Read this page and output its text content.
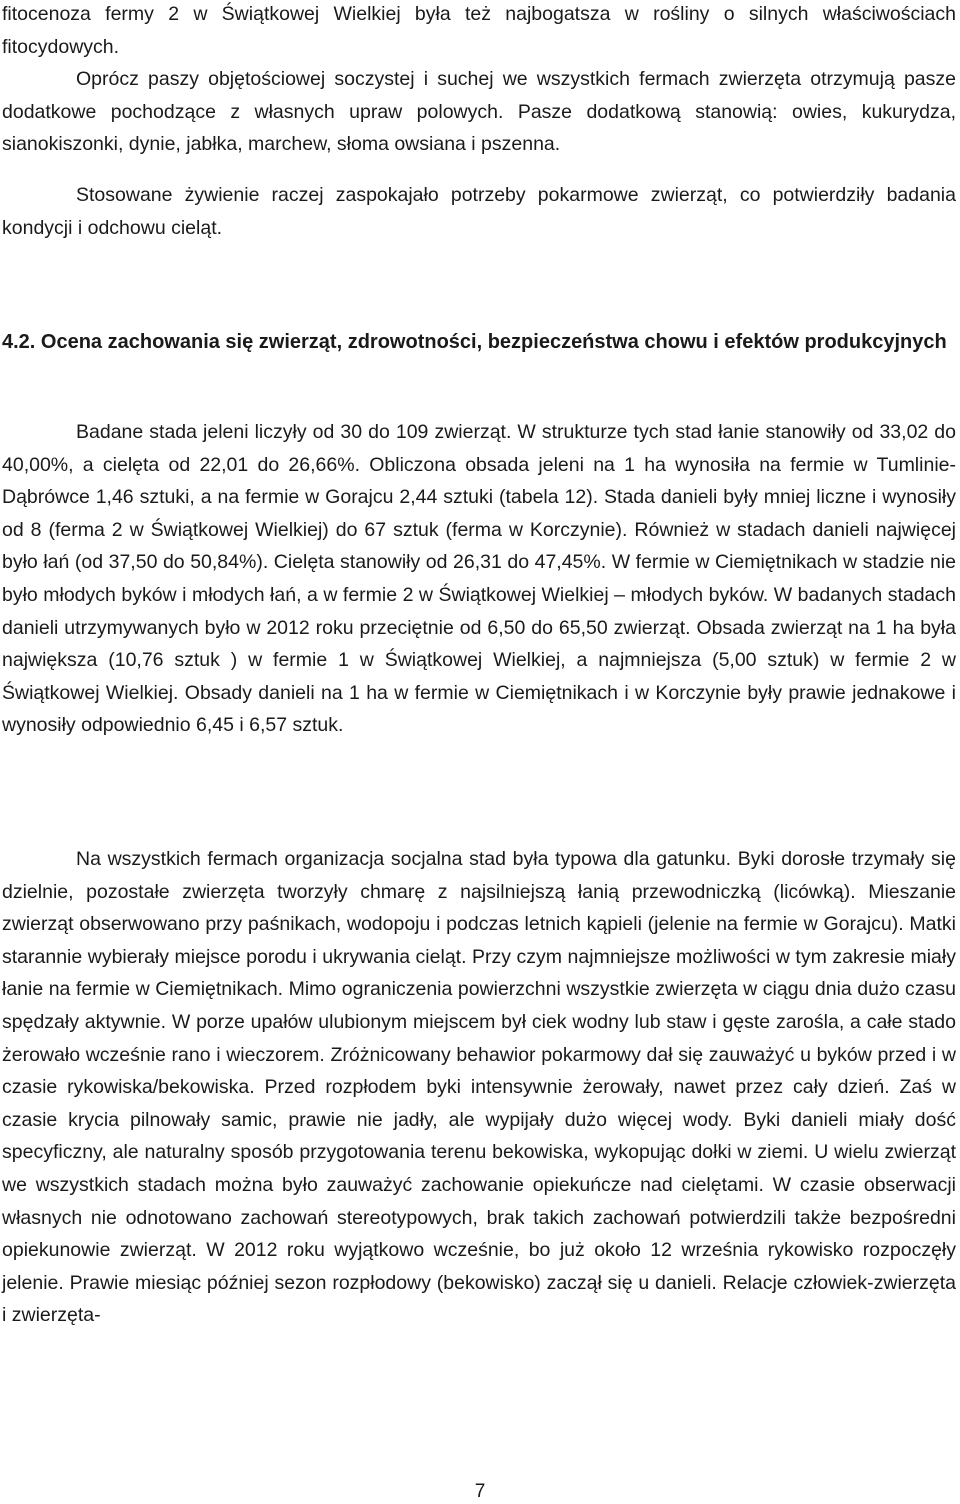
fitocenoza fermy 2 w Świątkowej Wielkiej była też najbogatsza w rośliny o silnych właściwościach fitocydowych.

Oprócz paszy objętościowej soczystej i suchej we wszystkich fermach zwierzęta otrzymują pasze dodatkowe pochodzące z własnych upraw polowych. Pasze dodatkową stanowią: owies, kukurydza, sianokiszonki, dynie, jabłka, marchew, słoma owsiana i pszenna.

Stosowane żywienie raczej zaspokajało potrzeby pokarmowe zwierząt, co potwierdziły badania kondycji i odchowu cieląt.

4.2. Ocena zachowania się zwierząt, zdrowotności, bezpieczeństwa chowu i efektów produkcyjnych

Badane stada jeleni liczyły od 30 do 109 zwierząt. W strukturze tych stad łanie stanowiły od 33,02 do 40,00%, a cielęta od 22,01 do 26,66%. Obliczona obsada jeleni na 1 ha wynosiła na fermie w Tumlinie-Dąbrówce 1,46 sztuki, a na fermie w Gorajcu 2,44 sztuki (tabela 12). Stada danieli były mniej liczne i wynosiły od 8 (ferma 2 w Świątkowej Wielkiej) do 67 sztuk (ferma w Korczynie). Również w stadach danieli najwięcej było łań (od 37,50 do 50,84%). Cielęta stanowiły od 26,31 do 47,45%. W fermie w Ciemiętnikach w stadzie nie było młodych byków i młodych łań, a w fermie 2 w Świątkowej Wielkiej – młodych byków. W badanych stadach danieli utrzymywanych było w 2012 roku przeciętnie od 6,50 do 65,50 zwierząt. Obsada zwierząt na 1 ha była największa (10,76 sztuk ) w fermie 1 w Świątkowej Wielkiej, a najmniejsza (5,00 sztuk) w fermie 2 w Świątkowej Wielkiej. Obsady danieli na 1 ha w fermie w Ciemiętnikach i w Korczynie były prawie jednakowe i wynosiły odpowiednio 6,45 i 6,57 sztuk.

Na wszystkich fermach organizacja socjalna stad była typowa dla gatunku. Byki dorosłe trzymały się dzielnie, pozostałe zwierzęta tworzyły chmarę z najsilniejszą łanią przewodniczką (licówką). Mieszanie zwierząt obserwowano przy paśnikach, wodopoju i podczas letnich kąpieli (jelenie na fermie w Gorajcu). Matki starannie wybierały miejsce porodu i ukrywania cieląt. Przy czym najmniejsze możliwości w tym zakresie miały łanie na fermie w Ciemiętnikach. Mimo ograniczenia powierzchni wszystkie zwierzęta w ciągu dnia dużo czasu spędzały aktywnie. W porze upałów ulubionym miejscem był ciek wodny lub staw i gęste zarośla, a całe stado żerowało wcześnie rano i wieczorem. Zróżnicowany behawior pokarmowy dał się zauważyć u byków przed i w czasie rykowiska/bekowiska. Przed rozpłodem byki intensywnie żerowały, nawet przez cały dzień. Zaś w czasie krycia pilnowały samic, prawie nie jadły, ale wypijały dużo więcej wody. Byki danieli miały dość specyficzny, ale naturalny sposób przygotowania terenu bekowiska, wykopując dołki w ziemi. U wielu zwierząt we wszystkich stadach można było zauważyć zachowanie opiekuńcze nad cielętami. W czasie obserwacji własnych nie odnotowano zachowań stereotypowych, brak takich zachowań potwierdzili także bezpośredni opiekunowie zwierząt. W 2012 roku wyjątkowo wcześnie, bo już około 12 września rykowisko rozpoczęły jelenie. Prawie miesiąc później sezon rozpłodowy (bekowisko) zaczął się u danieli. Relacje człowiek-zwierzęta i zwierzęta-

7
